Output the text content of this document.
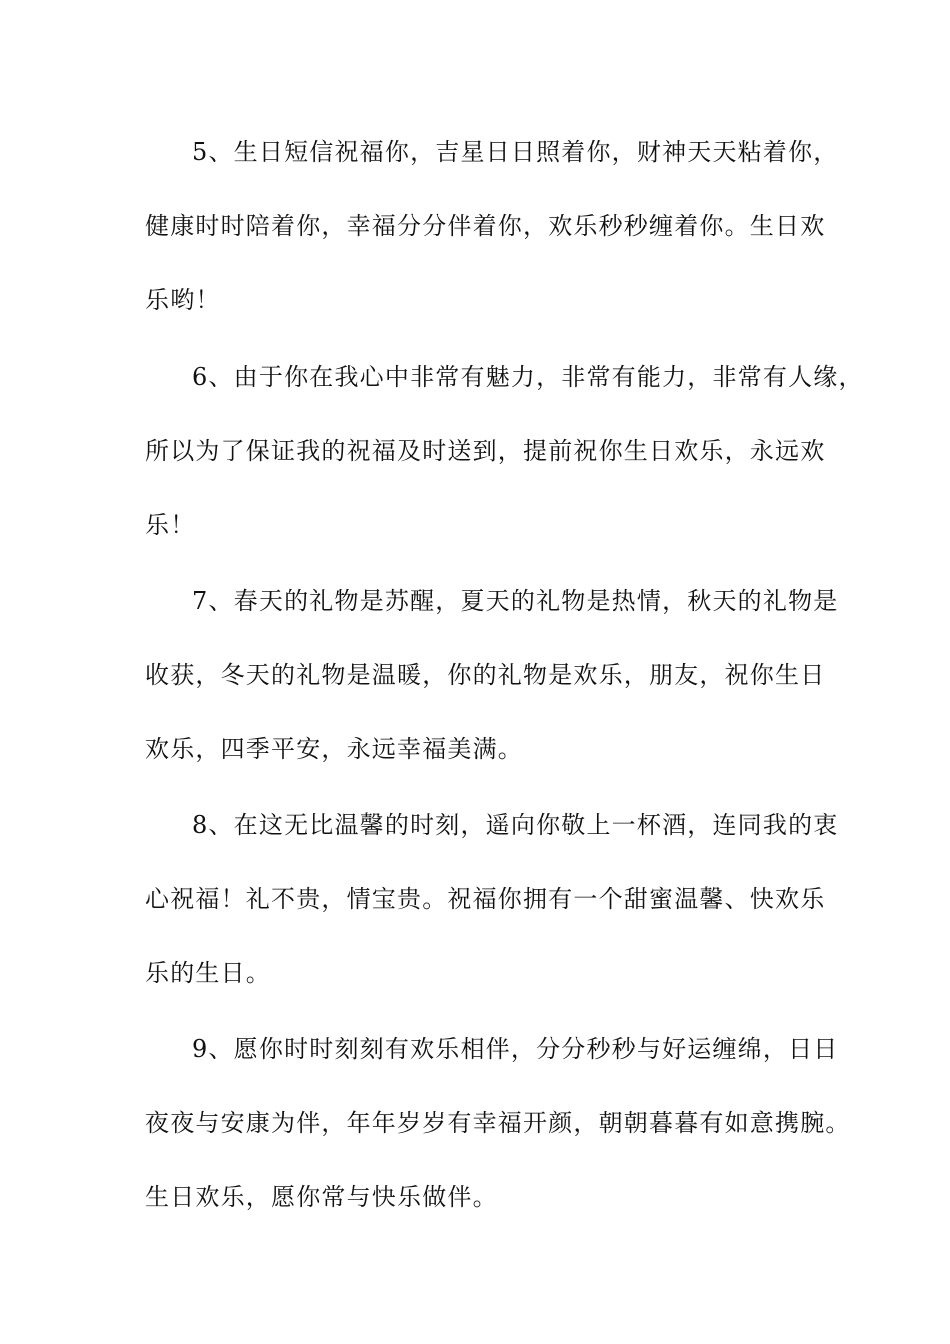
5、生日短信祝福你，吉星日日照着你，财神天天粘着你，
健康时时陪着你，幸福分分伴着你，欢乐秒秒缠着你。生日欢
乐哟！
6、由于你在我心中非常有魅力，非常有能力，非常有人缘，
所以为了保证我的祝福及时送到，提前祝你生日欢乐，永远欢
乐！
7、春天的礼物是苏醒，夏天的礼物是热情，秋天的礼物是
收获，冬天的礼物是温暖，你的礼物是欢乐，朋友，祝你生日
欢乐，四季平安，永远幸福美满。
8、在这无比温馨的时刻，遥向你敬上一杯酒，连同我的衷
心祝福！礼不贵，情宝贵。祝福你拥有一个甜蜜温馨、快欢乐
乐的生日。
9、愿你时时刻刻有欢乐相伴，分分秒秒与好运缠绵，日日
夜夜与安康为伴，年年岁岁有幸福开颜，朝朝暮暮有如意携腕。
生日欢乐，愿你常与快乐做伴。
